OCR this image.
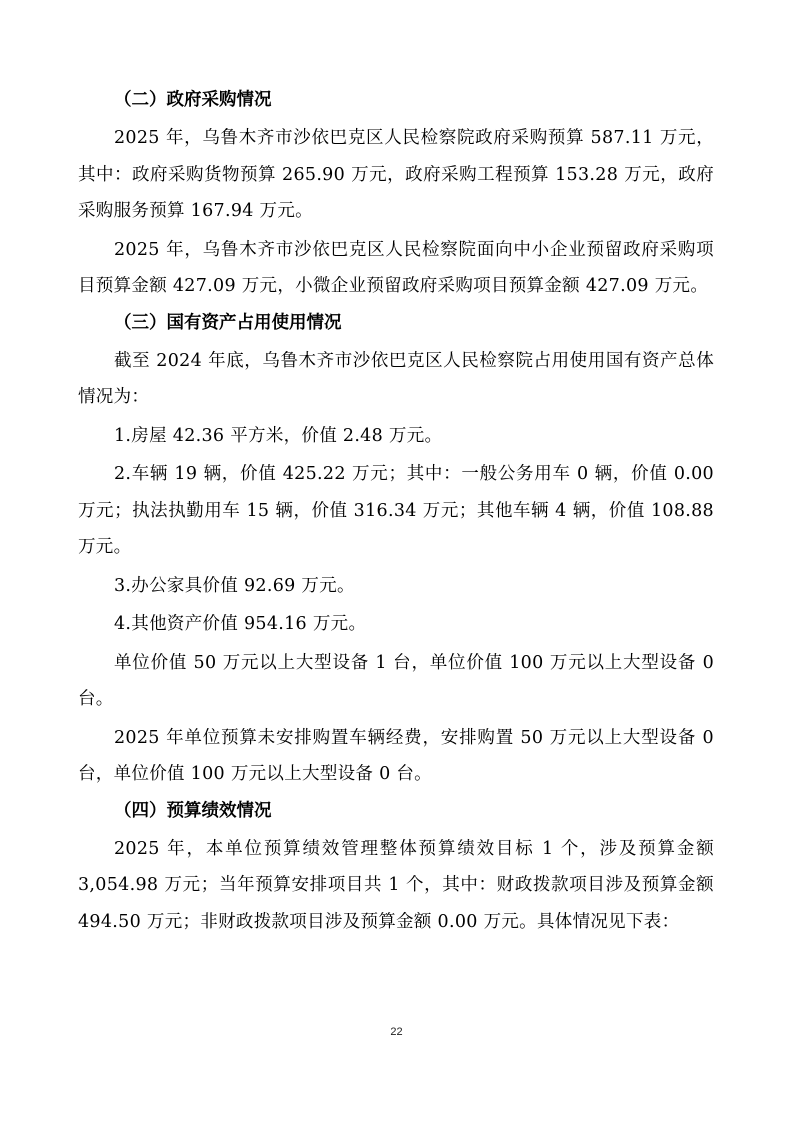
（二）政府采购情况

2025 年，乌鲁木齐市沙依巴克区人民检察院政府采购预算 587.11 万元，其中：政府采购货物预算 265.90 万元，政府采购工程预算 153.28 万元，政府采购服务预算 167.94 万元。

2025 年，乌鲁木齐市沙依巴克区人民检察院面向中小企业预留政府采购项目预算金额 427.09 万元，小微企业预留政府采购项目预算金额 427.09 万元。

（三）国有资产占用使用情况

截至 2024 年底，乌鲁木齐市沙依巴克区人民检察院占用使用国有资产总体情况为：

1.房屋 42.36 平方米，价值 2.48 万元。

2.车辆 19 辆，价值 425.22 万元；其中：一般公务用车 0 辆，价值 0.00 万元；执法执勤用车 15 辆，价值 316.34 万元；其他车辆 4 辆，价值 108.88 万元。

3.办公家具价值 92.69 万元。

4.其他资产价值 954.16 万元。

单位价值 50 万元以上大型设备 1 台，单位价值 100 万元以上大型设备 0 台。

2025 年单位预算未安排购置车辆经费，安排购置 50 万元以上大型设备 0 台，单位价值 100 万元以上大型设备 0 台。

（四）预算绩效情况

2025 年，本单位预算绩效管理整体预算绩效目标 1 个，涉及预算金额 3,054.98 万元；当年预算安排项目共 1 个，其中：财政拨款项目涉及预算金额 494.50 万元；非财政拨款项目涉及预算金额 0.00 万元。具体情况见下表：

22
